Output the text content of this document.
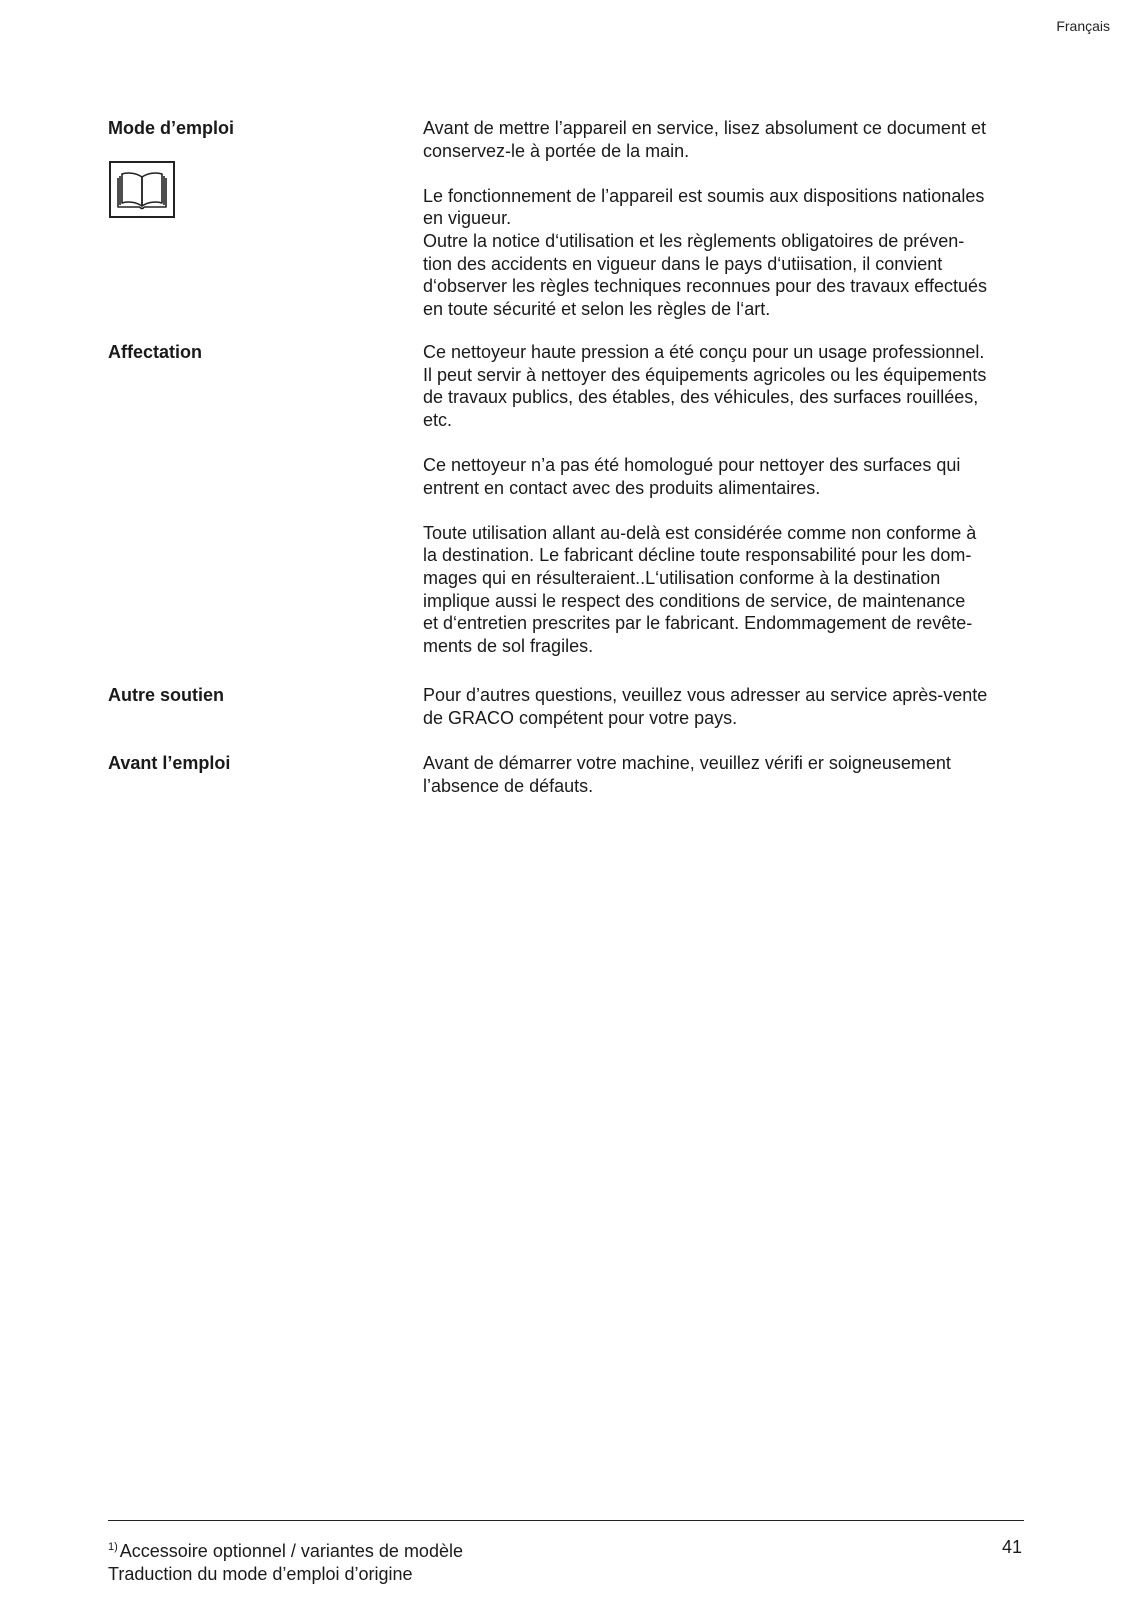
Français
Mode d’emploi	Avant de mettre l’appareil en service, lisez absolument ce document et
conservez-le à portée de la main.
Le fonctionnement de l’appareil est soumis aux dispositions nationales
en vigueur.
Outre la notice d‘utilisation et les règlements obligatoires de préven-
tion des accidents en vigueur dans le pays d‘utiisation, il convient
d‘observer les règles techniques reconnues pour des travaux effectués
en toute sécurité et selon les règles de l‘art.
Affectation	Ce nettoyeur haute pression a été conçu pour un usage professionnel.
Il peut servir à nettoyer des équipements agricoles ou les équipements
de travaux publics, des étables, des véhicules, des surfaces rouillées,
etc.
Ce nettoyeur n’a pas été homologué pour nettoyer des surfaces qui
entrent en contact avec des produits alimentaires.
Toute utilisation allant au-delà est considérée comme non conforme à
la destination. Le fabricant décline toute responsabilité pour les dom-
mages qui en résulteraient..L‘utilisation conforme à la destination
implique aussi le respect des conditions de service, de maintenance
et d‘entretien prescrites par le fabricant. Endommagement de revête-
ments de sol fragiles.
Autre soutien	Pour d’autres questions, veuillez vous adresser au service après-vente
de GRACO compétent pour votre pays.
Avant l’emploi	Avant de démarrer votre machine, veuillez vérifi er soigneusement
l’absence de défauts.
$^{1)}$ Accessoire optionnel / variantes de modèle
Traduction du mode d’emploi d’origine
41
